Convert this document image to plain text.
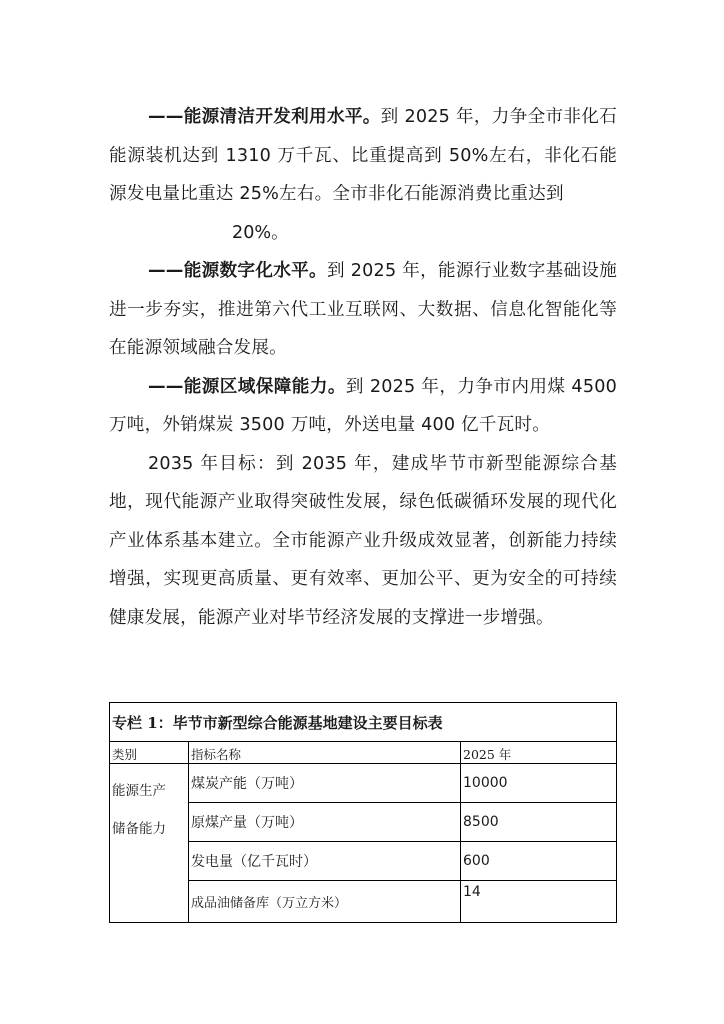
——能源清洁开发利用水平。到 2025 年，力争全市非化石能源装机达到 1310 万千瓦、比重提高到 50%左右，非化石能源发电量比重达 25%左右。全市非化石能源消费比重达到

20%。

——能源数字化水平。到 2025 年，能源行业数字基础设施进一步夯实，推进第六代工业互联网、大数据、信息化智能化等在能源领域融合发展。

——能源区域保障能力。到 2025 年，力争市内用煤 4500 万吨，外销煤炭 3500 万吨，外送电量 400 亿千瓦时。

2035 年目标：到 2035 年，建成毕节市新型能源综合基地，现代能源产业取得突破性发展，绿色低碳循环发展的现代化产业体系基本建立。全市能源产业升级成效显著，创新能力持续增强，实现更高质量、更有效率、更加公平、更为安全的可持续健康发展，能源产业对毕节经济发展的支撑进一步增强。

专栏 1：毕节市新型综合能源基地建设主要目标表		
类别	指标名称	2025 年
能源生产
储备能力	煤炭产能（万吨）	10000
	原煤产量（万吨）	8500
	发电量（亿千瓦时）	600
	成品油储备库（万立方米）	14
